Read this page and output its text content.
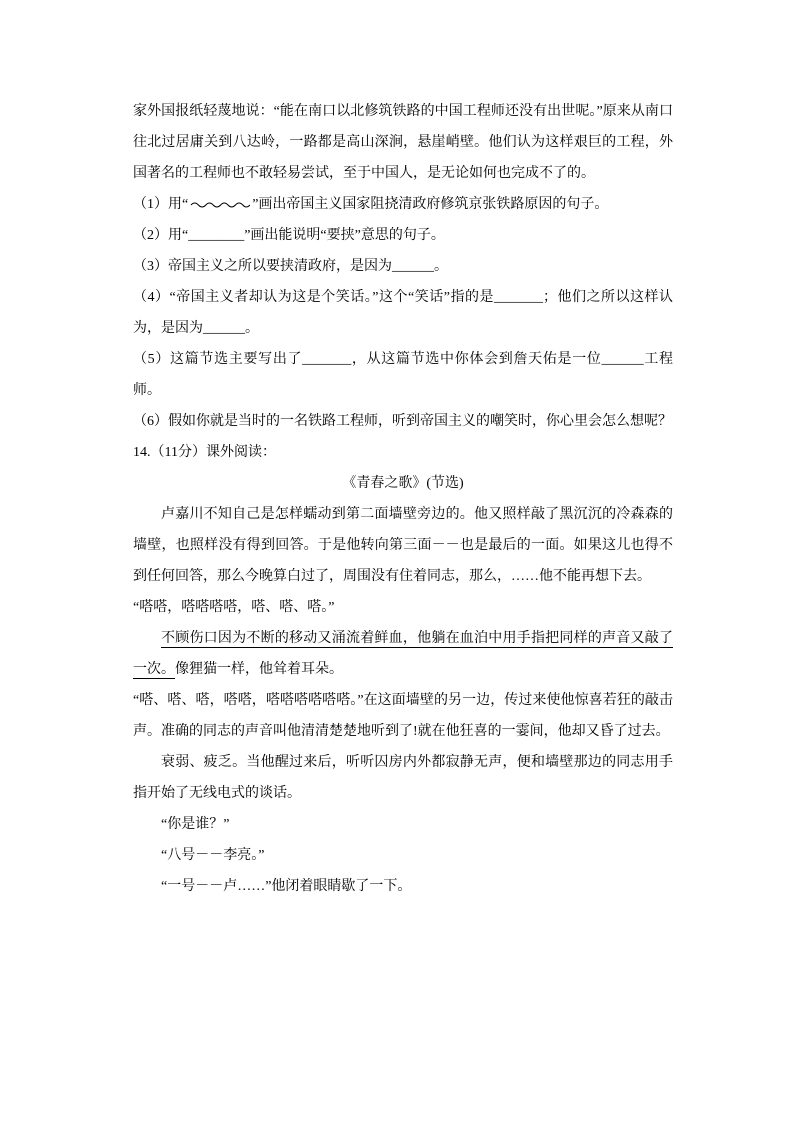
家外国报纸轻蔑地说：“能在南口以北修筑铁路的中国工程师还没有出世呢。”原来从南口往北过居庸关到八达岭，一路都是高山深涧，悬崖峭壁。他们认为这样艰巨的工程，外国著名的工程师也不敢轻易尝试，至于中国人，是无论如何也完成不了的。

（1）用“	”画出帝国主义国家阻挠清政府修筑京张铁路原因的句子。

（2）用“________”画出能说明“要挟”意思的句子。

（3）帝国主义之所以要挟清政府，是因为______。

（4）“帝国主义者却认为这是个笑话。”这个“笑话”指的是_______；他们之所以这样认为，是因为______。

（5）这篇节选主要写出了_______，从这篇节选中你体会到詹天佑是一位______工程师。

（6）假如你就是当时的一名铁路工程师，听到帝国主义的嘲笑时，你心里会怎么想呢？

14.（11分）课外阅读：

《青春之歌》(节选)

卢嘉川不知自己是怎样蠕动到第二面墙壁旁边的。他又照样敲了黑沉沉的冷森森的墙壁，也照样没有得到回答。于是他转向第三面－－也是最后的一面。如果这儿也得不到任何回答，那么今晚算白过了，周围没有住着同志，那么，……他不能再想下去。

“嗒嗒，嗒嗒嗒嗒，嗒、嗒、嗒。”

不顾伤口因为不断的移动又涌流着鲜血，他躺在血泊中用手指把同样的声音又敲了一次。像狸猫一样，他耸着耳朵。

“嗒、嗒、嗒，嗒嗒，嗒嗒嗒嗒嗒嗒。”在这面墙壁的另一边，传过来使他惊喜若狂的敲击声。准确的同志的声音叫他清清楚楚地听到了!就在他狂喜的一霎间，他却又昏了过去。

衰弱、疲乏。当他醒过来后，听听囚房内外都寂静无声，便和墙壁那边的同志用手指开始了无线电式的谈话。

“你是谁？”

“八号－－李亮。”

“一号－－卢……”他闭着眼睛歇了一下。
